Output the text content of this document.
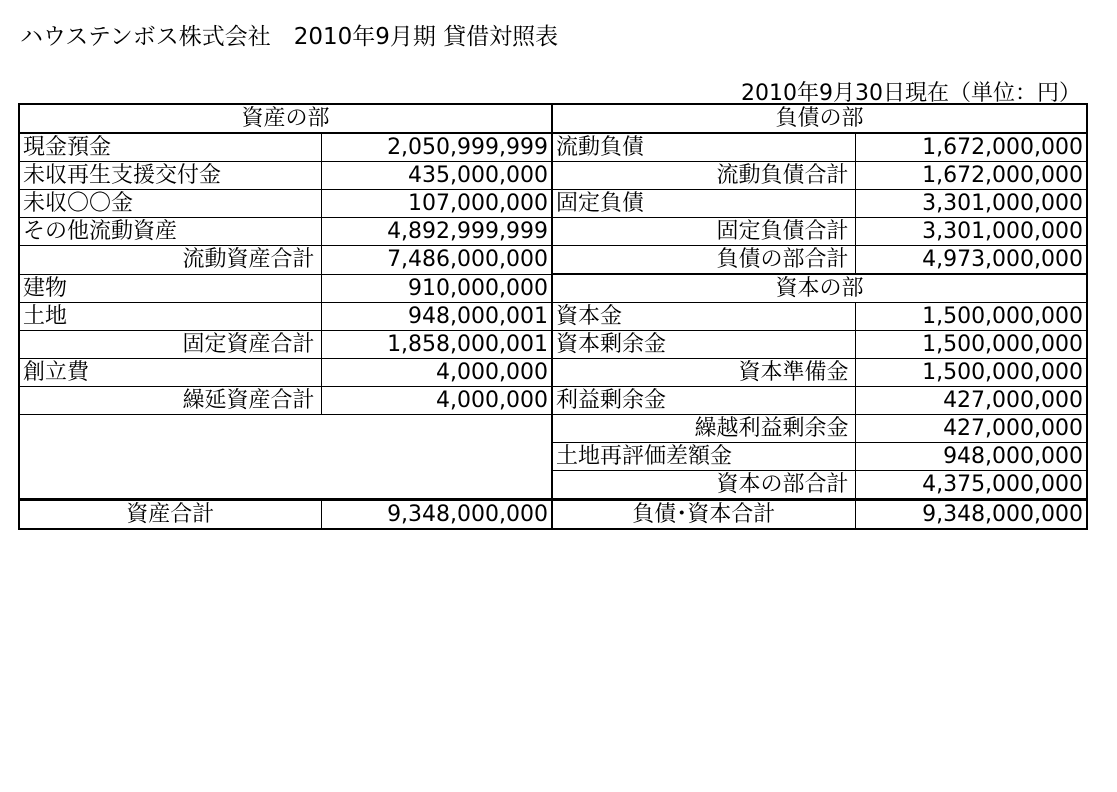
ハウステンボス株式会社　2010年9月期 貸借対照表
2010年9月30日現在（単位：円）
資産の部		負債の部	
現金預金	2,050,999,999	流動負債	1,672,000,000
未収再生支援交付金	435,000,000	流動負債合計	1,672,000,000
未収〇〇金	107,000,000	固定負債	3,301,000,000
その他流動資産	4,892,999,999	固定負債合計	3,301,000,000
流動資産合計	7,486,000,000	負債の部合計	4,973,000,000
建物	910,000,000	資本の部	
土地	948,000,001	資本金	1,500,000,000
固定資産合計	1,858,000,001	資本剰余金	1,500,000,000
創立費	4,000,000	資本準備金	1,500,000,000
繰延資産合計	4,000,000	利益剰余金	427,000,000
		繰越利益剰余金	427,000,000
		土地再評価差額金	948,000,000
		資本の部合計	4,375,000,000
資産合計	9,348,000,000	負債･資本合計	9,348,000,000
